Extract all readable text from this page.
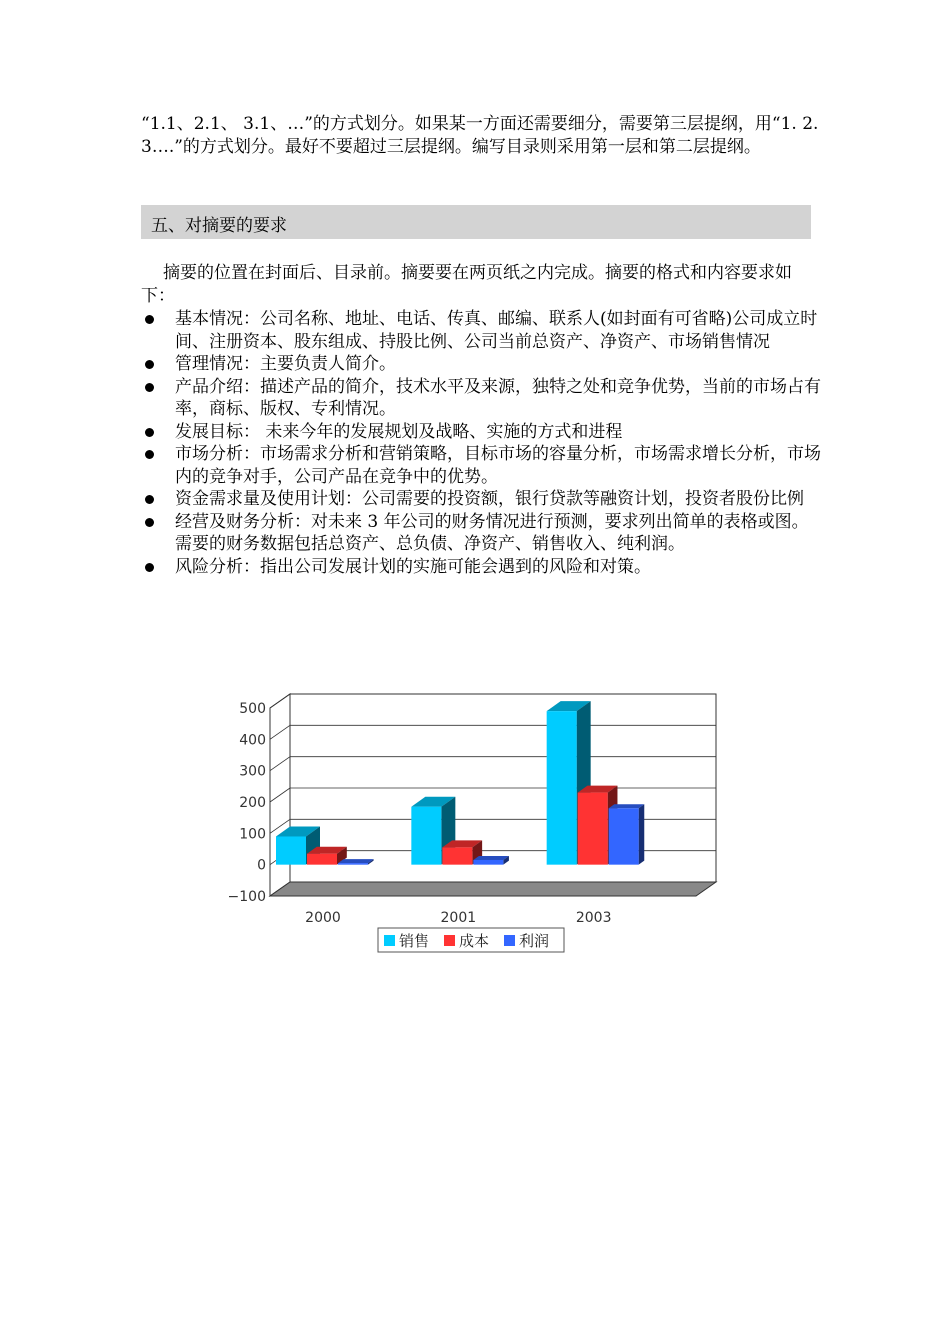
“1.1、2.1、 3.1、…”的方式划分。如果某一方面还需要细分，需要第三层提纲，用“1. 2. 3….”的方式划分。最好不要超过三层提纲。编写目录则采用第一层和第二层提纲。

五、对摘要的要求

摘要的位置在封面后、目录前。摘要要在两页纸之内完成。摘要的格式和内容要求如下：

基本情况：公司名称、地址、电话、传真、邮编、联系人(如封面有可省略)公司成立时间、注册资本、股东组成、持股比例、公司当前总资产、净资产、市场销售情况
管理情况：主要负责人简介。
产品介绍：描述产品的简介，技术水平及来源，独特之处和竞争优势，当前的市场占有率，商标、版权、专利情况。
发展目标： 未来今年的发展规划及战略、实施的方式和进程
市场分析：市场需求分析和营销策略，目标市场的容量分析，市场需求增长分析，市场内的竞争对手，公司产品在竞争中的优势。
资金需求量及使用计划：公司需要的投资额，银行贷款等融资计划，投资者股份比例
经营及财务分析：对未来 3 年公司的财务情况进行预测，要求列出简单的表格或图。需要的财务数据包括总资产、总负债、净资产、销售收入、纯利润。
风险分析：指出公司发展计划的实施可能会遇到的风险和对策。
500
400
300
200
100
0
−100
2000	2001	2003
销售 成本 利润
